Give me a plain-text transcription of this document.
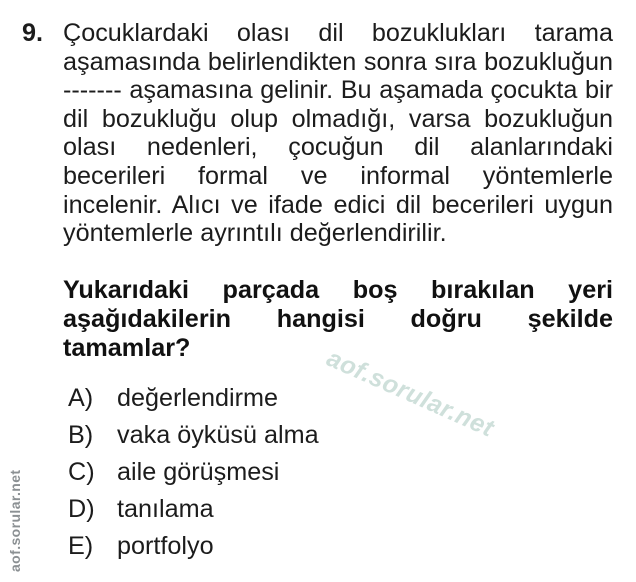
9. Çocuklardaki olası dil bozuklukları tarama aşamasında belirlendikten sonra sıra bozukluğun ------- aşamasına gelinir. Bu aşamada çocukta bir dil bozukluğu olup olmadığı, varsa bozukluğun olası nedenleri, çocuğun dil alanlarındaki becerileri formal ve informal yöntemlerle incelenir. Alıcı ve ifade edici dil becerileri uygun yöntemlerle ayrıntılı değerlendirilir.
Yukarıdaki parçada boş bırakılan yeri aşağıdakilerin hangisi doğru şekilde tamamlar?
A) değerlendirme
B) vaka öyküsü alma
C) aile görüşmesi
D) tanılama
E) portfolyo
aof.sorular.net
aof.sorular.net
